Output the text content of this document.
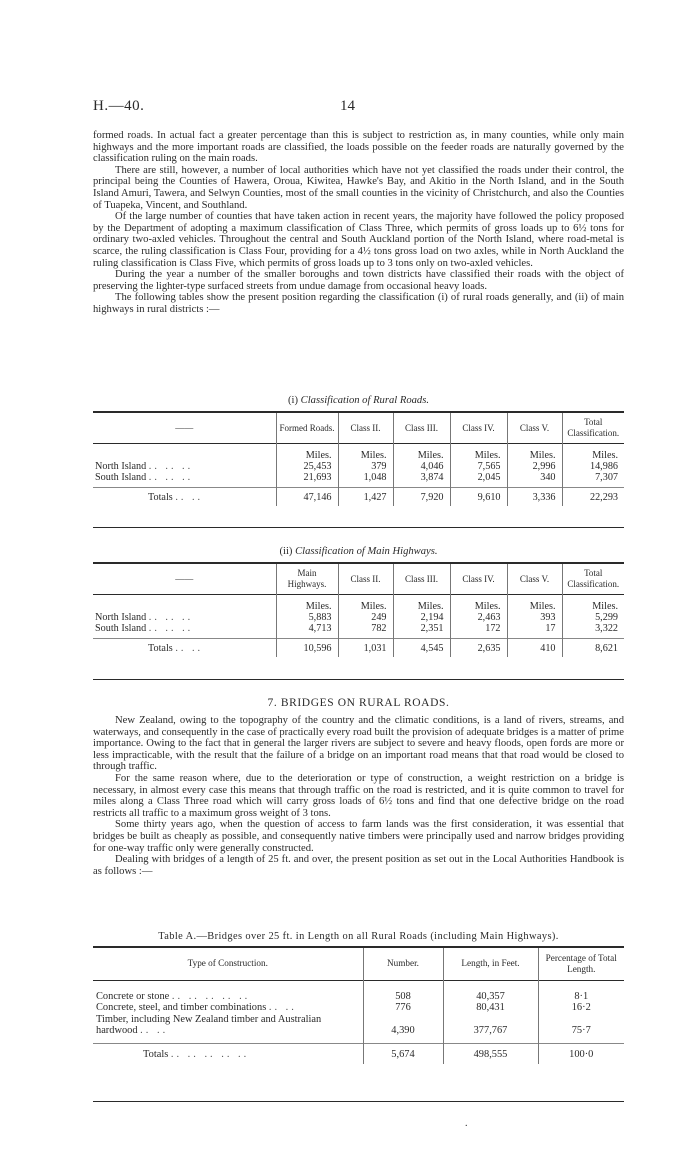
H.—40.	14

formed roads. In actual fact a greater percentage than this is subject to restriction as, in many counties, while only main highways and the more important roads are classified, the loads possible on the feeder roads are naturally governed by the classification ruling on the main roads.

There are still, however, a number of local authorities which have not yet classified the roads under their control, the principal being the Counties of Hawera, Oroua, Kiwitea, Hawke's Bay, and Akitio in the North Island, and in the South Island Amuri, Tawera, and Selwyn Counties, most of the small counties in the vicinity of Christchurch, and also the Counties of Tuapeka, Vincent, and Southland.

Of the large number of counties that have taken action in recent years, the majority have followed the policy proposed by the Department of adopting a maximum classification of Class Three, which permits of gross loads up to 6½ tons for ordinary two-axled vehicles. Throughout the central and South Auckland portion of the North Island, where road-metal is scarce, the ruling classification is Class Four, providing for a 4½ tons gross load on two axles, while in North Auckland the ruling classification is Class Five, which permits of gross loads up to 3 tons only on two-axled vehicles.

During the year a number of the smaller boroughs and town districts have classified their roads with the object of preserving the lighter-type surfaced streets from undue damage from occasional heavy loads.

The following tables show the present position regarding the classification (i) of rural roads generally, and (ii) of main highways in rural districts :—

(i) Classification of Rural Roads.
——	Formed Roads.	Class II.	Class III.	Class IV.	Class V.	Total Classification.
	Miles.	Miles.	Miles.	Miles.	Miles.	Miles.
North Island .. .. ..	25,453	379	4,046	7,565	2,996	14,986
South Island .. .. ..	21,693	1,048	3,874	2,045	340	7,307

Totals .. ..	47,146	1,427	7,920	9,610	3,336	22,293
(ii) Classification of Main Highways.
——	Main Highways.	Class II.	Class III.	Class IV.	Class V.	Total Classification.
	Miles.	Miles.	Miles.	Miles.	Miles.	Miles.
North Island .. .. ..	5,883	249	2,194	2,463	393	5,299
South Island .. .. ..	4,713	782	2,351	172	17	3,322

Totals .. ..	10,596	1,031	4,545	2,635	410	8,621
7. BRIDGES ON RURAL ROADS.

New Zealand, owing to the topography of the country and the climatic conditions, is a land of rivers, streams, and waterways, and consequently in the case of practically every road built the provision of adequate bridges is a matter of prime importance. Owing to the fact that in general the larger rivers are subject to severe and heavy floods, open fords are more or less impracticable, with the result that the failure of a bridge on an important road means that that road would be closed to through traffic.

For the same reason where, due to the deterioration or type of construction, a weight restriction on a bridge is necessary, in almost every case this means that through traffic on the road is restricted, and it is quite common to travel for miles along a Class Three road which will carry gross loads of 6½ tons and find that one defective bridge on the road restricts all traffic to a maximum gross weight of 3 tons.

Some thirty years ago, when the question of access to farm lands was the first consideration, it was essential that bridges be built as cheaply as possible, and consequently native timbers were principally used and narrow bridges providing for one-way traffic only were generally constructed.

Dealing with bridges of a length of 25 ft. and over, the present position as set out in the Local Authorities Handbook is as follows :—

Table A.—Bridges over 25 ft. in Length on all Rural Roads (including Main Highways).
Type of Construction.	Number.	Length, in Feet.	Percentage of Total Length.

Concrete or stone .. .. .. .. ..	508	40,357	8·1
Concrete, steel, and timber combinations .. ..	776	80,431	16·2
Timber, including New Zealand timber and Australian hardwood .. ..	4,390	377,767	75·7

Totals .. .. .. .. ..	5,674	498,555	100·0
.
